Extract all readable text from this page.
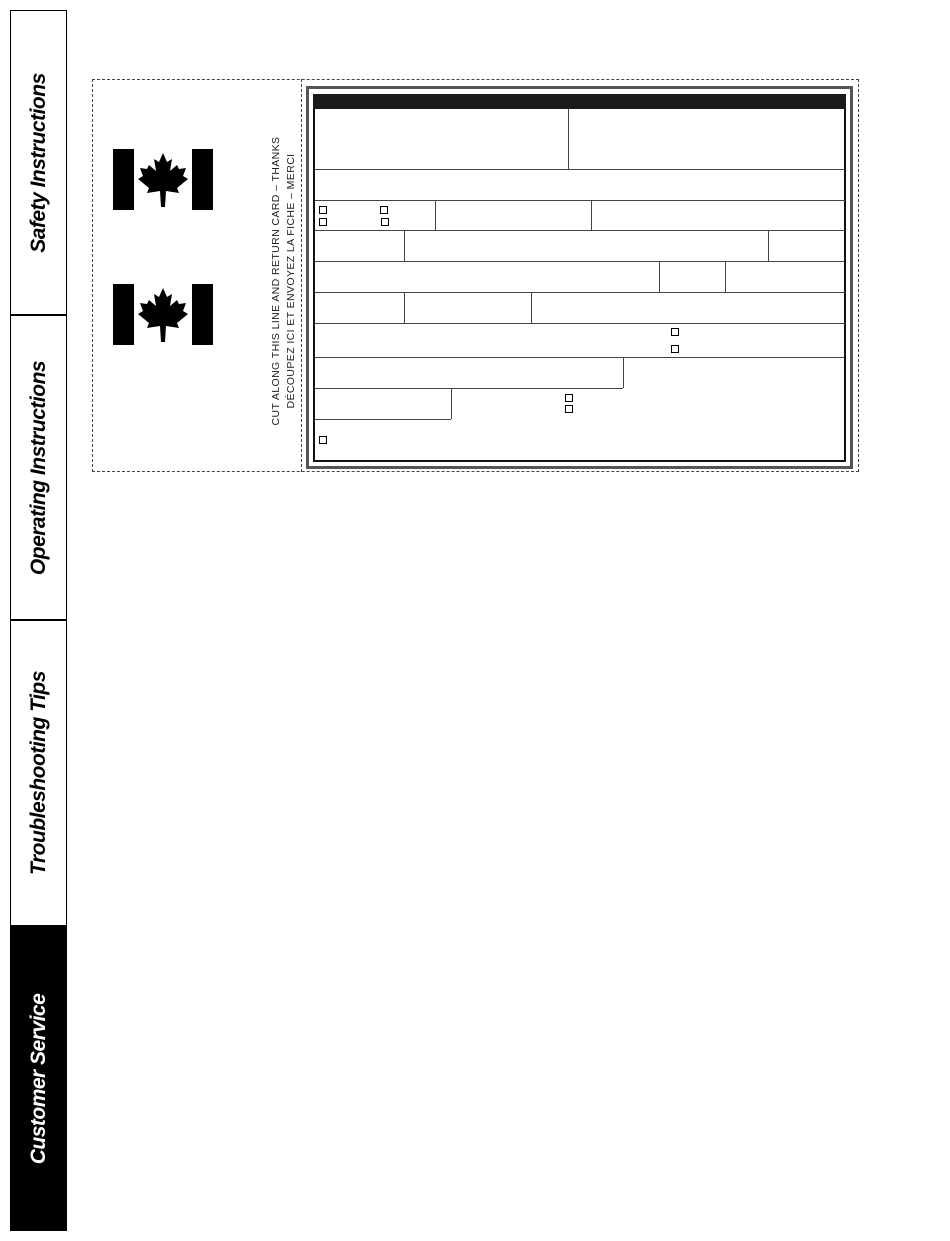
Safety Instructions
Operating Instructions
Troubleshooting Tips
Customer Service
CUT ALONG THIS LINE AND RETURN CARD – THANKS DÉCOUPEZ ICI ET ENVOYEZ LA FICHE – MERCI
